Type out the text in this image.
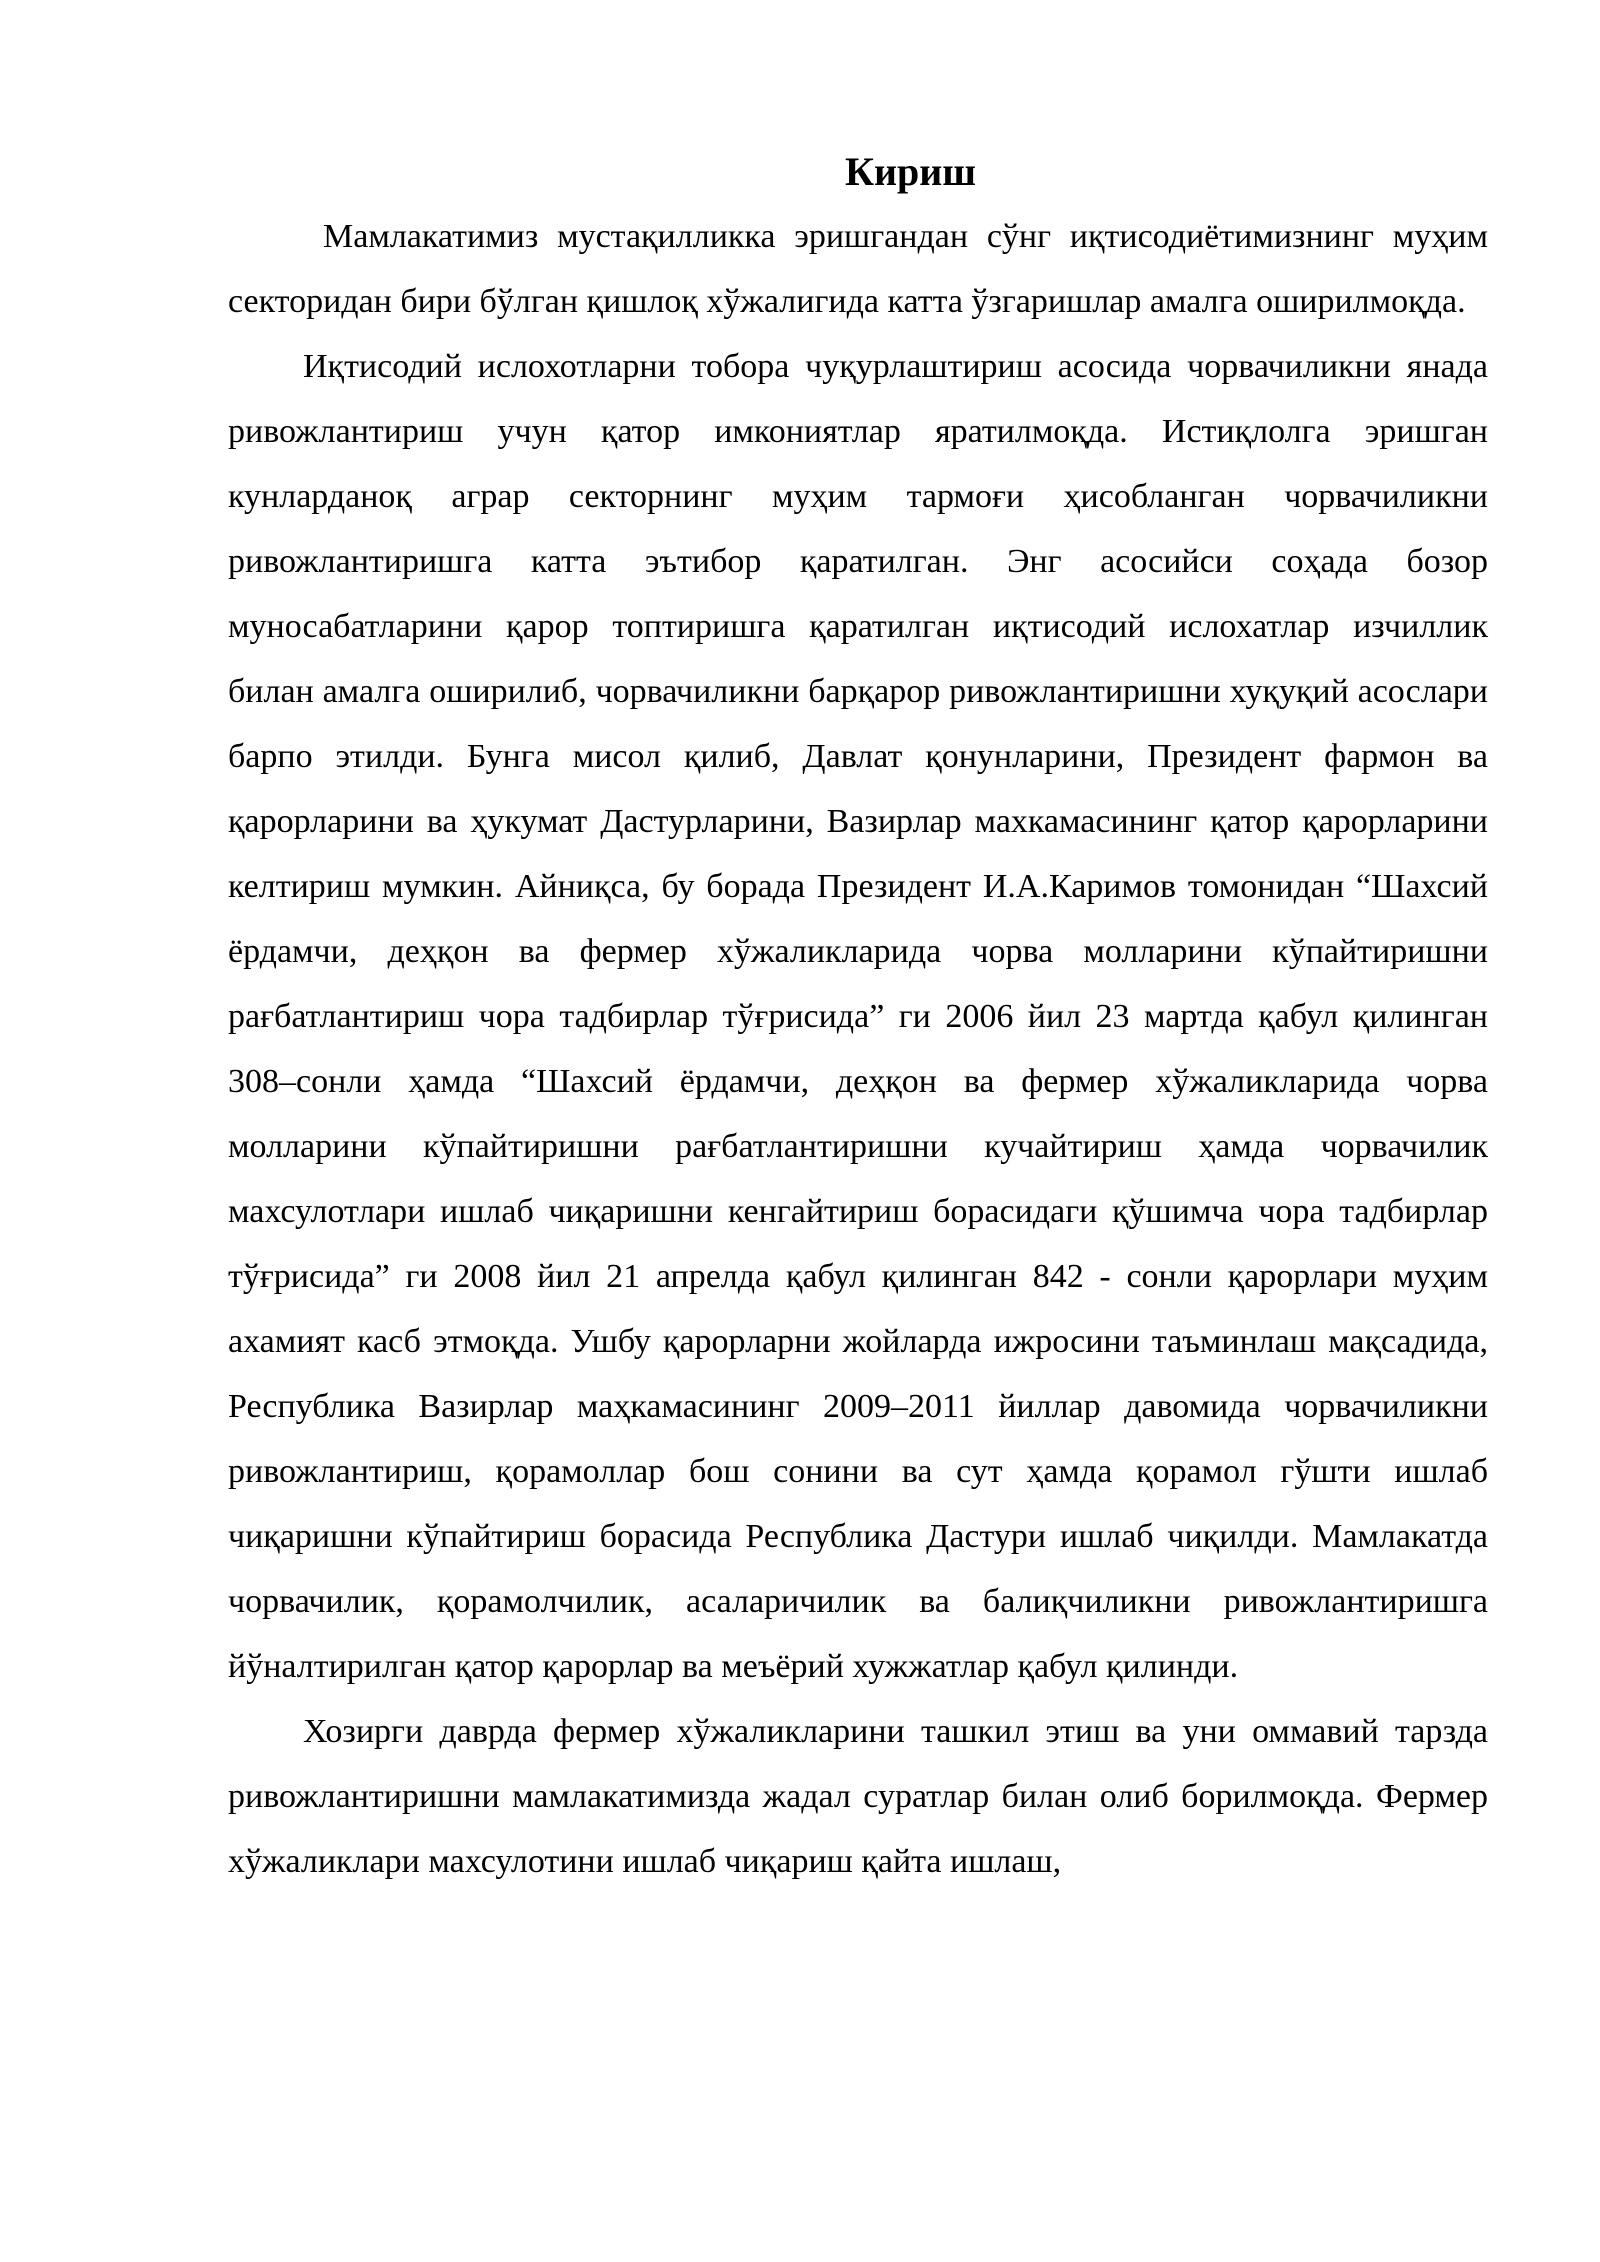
Кириш

Мамлакатимиз мустақилликка эришгандан сўнг иқтисодиётимизнинг муҳим секторидан бири бўлган қишлоқ хўжалигида катта ўзгаришлар амалга оширилмоқда.

Иқтисодий ислохотларни тобора чуқурлаштириш асосида чорвачиликни янада ривожлантириш учун қатор имкониятлар яратилмоқда. Истиқлолга эришган кунларданоқ аграр секторнинг муҳим тармоғи ҳисобланган чорвачиликни ривожлантиришга катта эътибор қаратилган. Энг асосийси соҳада бозор муносабатларини қарор топтиришга қаратилган иқтисодий ислохатлар изчиллик билан амалга оширилиб, чорвачиликни барқарор ривожлантиришни хуқуқий асослари барпо этилди. Бунга мисол қилиб, Давлат қонунларини, Президент фармон ва қарорларини ва ҳукумат Дастурларини, Вазирлар махкамасининг қатор қарорларини келтириш мумкин. Айниқса, бу борада Президент И.А.Каримов томонидан “Шахсий ёрдамчи, деҳқон ва фермер хўжаликларида чорва молларини кўпайтиришни рағбатлантириш чора тадбирлар тўғрисида” ги 2006 йил 23 мартда қабул қилинган 308–сонли ҳамда “Шахсий ёрдамчи, деҳқон ва фермер хўжаликларида чорва молларини кўпайтиришни рағбатлантиришни кучайтириш ҳамда чорвачилик махсулотлари ишлаб чиқаришни кенгайтириш борасидаги қўшимча чора тадбирлар тўғрисида” ги 2008 йил 21 апрелда қабул қилинган 842 - сонли қарорлари муҳим ахамият касб этмоқда. Ушбу қарорларни жойларда ижросини таъминлаш мақсадида, Республика Вазирлар маҳкамасининг 2009–2011 йиллар давомида чорвачиликни ривожлантириш, қорамоллар бош сонини ва сут ҳамда қорамол гўшти ишлаб чиқаришни кўпайтириш борасида Республика Дастури ишлаб чиқилди. Мамлакатда чорвачилик, қорамолчилик, асаларичилик ва балиқчиликни ривожлантиришга йўналтирилган қатор қарорлар ва меъёрий хужжатлар қабул қилинди.

Хозирги даврда фермер хўжаликларини ташкил этиш ва уни оммавий тарзда ривожлантиришни мамлакатимизда жадал суратлар билан олиб борилмоқда. Фермер хўжаликлари махсулотини ишлаб чиқариш қайта ишлаш,
